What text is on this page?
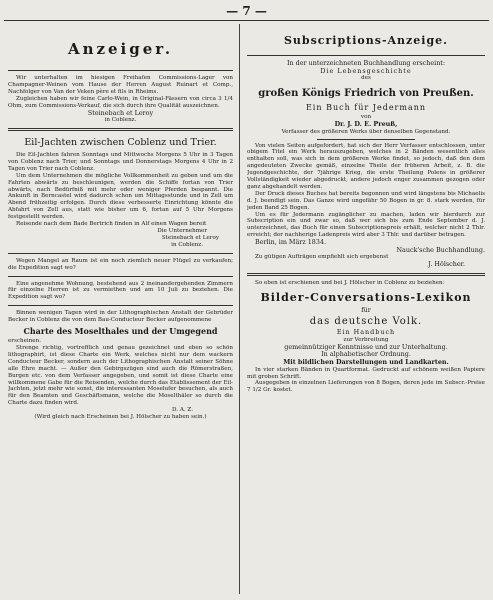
— 7 —

Anzeiger.

Wir unterhalten im hiesigen Freihafen Commissions-Lager von Champagner-Weinen vom Hause der Herren August Ruinart et Comp., Nachfolger von Van der Veken père et fils in Rheims.

Zugleichen haben wir feine Carlo-Wein, in Original-Fässern von circa 3 1/4 Ohm, zum Commissions-Verkauf, die sich durch ihre Qualität auszeichnen.

Steinebach et Leroy

in Coblenz.

Eil-Jachten zwischen Coblenz und Trier.

Die Eil-Jachten fahren Sonntags und Mittwochs Morgens 5 Uhr in 3 Tagen von Coblenz nach Trier, und Sonntags und Donnerstags Morgens 4 Uhr in 2 Tagen von Trier nach Coblenz.

Um dem Unternehmen die mögliche Vollkommenheit zu geben und um die Fahrten abwärts zu beschleunigen, werden die Schiffe fortan von Trier abwärts, nach Bedürfniß mit mehr oder weniger Pferden bespannt. Die Ankunft in Berncastel wird dadurch schon um Mittagsstunde und in Zell um Abend frühzeitig erfolgen. Durch diese verbesserte Einrichtung könnte die Abfahrt von Zell aus, statt wie bisher um 6, fortan auf 5 Uhr Morgens festgestellt werden.

Reisende nach dem Bade Bertrich finden in Alf einen Wagen bereit

Die Unternehmer

Steinebach et Leroy

in Coblenz.

Wegen Mangel an Raum ist ein noch ziemlich neuer Flügel zu verkaufen; die Expedition sagt wo?

Eine angenehme Wohnung, bestehend aus 2 ineinandergehenden Zimmern für einzelne Herren ist zu vermiethen und am 10 Juli zu beziehen. Die Expedition sagt wo?

Binnen wenigen Tagen wird in der Lithographischen Anstalt der Gebrüder Becker in Coblenz die von dem Bau-Conducteur Becker aufgenommene

Charte des Moselthales und der Umgegend

erscheinen.

Strenge richtig, vortrefflich und genau gezeichnet und eben so schön lithographirt, ist diese Charte ein Werk, welches nicht nur dem wackern Conducteur Becker, sondern auch der Lithographischen Anstalt seiner Söhne alle Ehre macht. — Außer den Gebirgszügen sind auch die Römerstraßen, Burgen etc. von dem Verfasser angegeben, und somit ist diese Charte eine willkommene Gabe für die Reisenden, welche durch das Etablissement der Eil-Jachten, jetzt mehr wie sonst, die interessanten Moselufer besuchen, als auch für den Beamten und Geschäftsmann, welche die Moselthäler so durch die Charte dazu finden wird.

D. A. Z.

(Wird gleich nach Erscheinen bei J. Hölscher zu haben sein.)

Subscriptions-Anzeige.

In der unterzeichneten Buchhandlung erscheint:

Die Lebensgeschichte

des

großen Königs Friedrich von Preußen.

Ein Buch für Jedermann

von

Dr. J. D. E. Preuß,

Verfasser des größeren Werks über denselben Gegenstand.

Von vielen Seiten aufgefordert, hat sich der Herr Verfasser entschlossen, unter obigem Titel ein Werk herauszugeben, welches in 2 Bänden wesentlich alles enthalten soll, was sich in dem größeren Werke findet, so jedoch, daß den dem angedeuteten Zwecke gemäß, einzelne Theile der früheren Arbeit, z. B. die Jugendgeschichte, der 7jährige Krieg, die erste Theilung Polens in größerer Vollständigkeit wieder abgedruckt, andere jedoch enger zusammen gezogen oder ganz abgehandelt werden.

Der Druck dieses Buches hat bereits begonnen und wird längstens bis Michaelis d. J. beendigt sein. Das Ganze wird ungefähr 50 Bogen in gr. 8. stark werden, für jeden Band 25 Bogen.

Um es für Jedermann zugänglicher zu machen, laden wir hierdurch zur Subscription ein und zwar so, daß wer sich bis zum Ende September d. J. unterzeichnet, das Buch für einen Subscriptionspreis erhält, welcher nicht 2 Thlr. erreicht; der nachherige Ladenpreis wird aber 3 Thlr. und darüber betragen.

Berlin, im März 1834.

Nauck'sche Buchhandlung.

Zu gütigen Aufträgen empfiehlt sich ergebenst

J. Hölscher.

So eben ist erschienen und bei J. Hölscher in Coblenz zu beziehen:

Bilder-Conversations-Lexikon

für

das deutsche Volk.

Ein Handbuch

zur Verbreitung

gemeinnütziger Kenntnisse und zur Unterhaltung.

In alphabetischer Ordnung.

Mit bildlichen Darstellungen und Landkarten.

In vier starken Bänden in Quartformat. Gedruckt auf schönem weißen Papiere mit groben Schrift.

Ausgegeben in einzelnen Lieferungen von 8 Bogen, deren jede im Subscr.-Preise 7 1/2 Gr. kostet.
